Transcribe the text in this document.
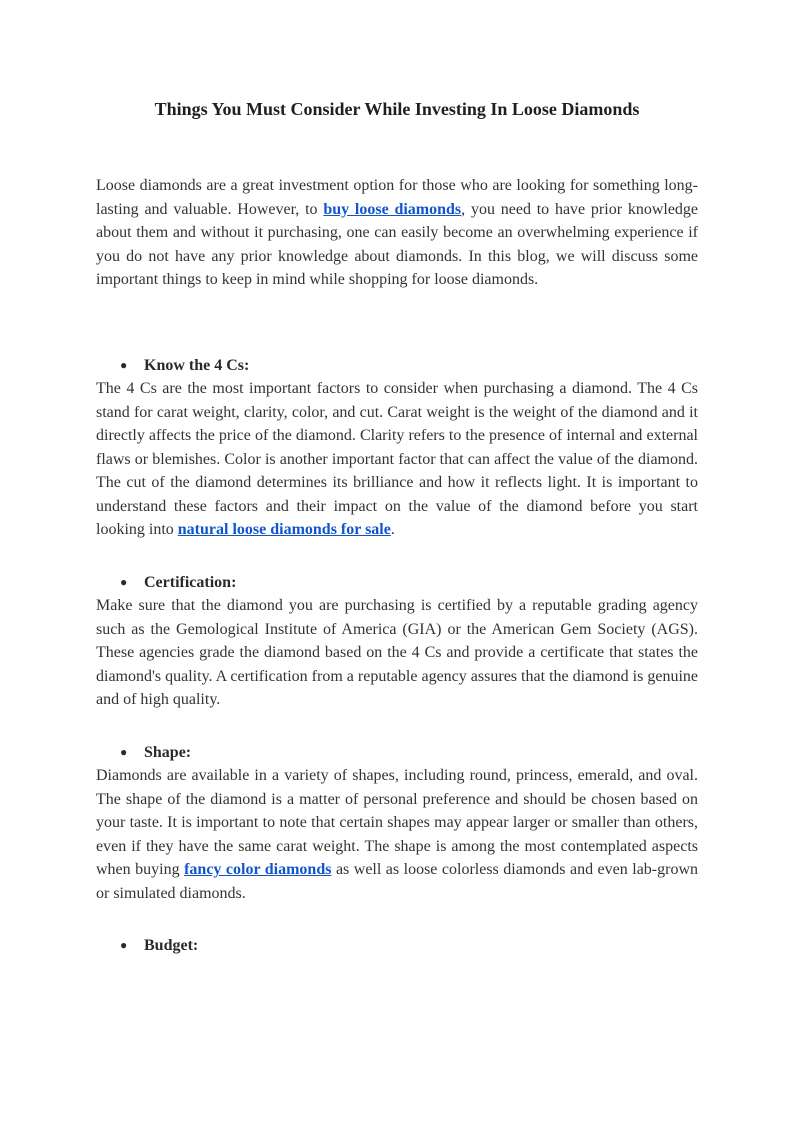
Things You Must Consider While Investing In Loose Diamonds

Loose diamonds are a great investment option for those who are looking for something long-lasting and valuable. However, to buy loose diamonds, you need to have prior knowledge about them and without it purchasing, one can easily become an overwhelming experience if you do not have any prior knowledge about diamonds. In this blog, we will discuss some important things to keep in mind while shopping for loose diamonds.

● Know the 4 Cs:

The 4 Cs are the most important factors to consider when purchasing a diamond. The 4 Cs stand for carat weight, clarity, color, and cut. Carat weight is the weight of the diamond and it directly affects the price of the diamond. Clarity refers to the presence of internal and external flaws or blemishes. Color is another important factor that can affect the value of the diamond. The cut of the diamond determines its brilliance and how it reflects light. It is important to understand these factors and their impact on the value of the diamond before you start looking into natural loose diamonds for sale.

● Certification:

Make sure that the diamond you are purchasing is certified by a reputable grading agency such as the Gemological Institute of America (GIA) or the American Gem Society (AGS). These agencies grade the diamond based on the 4 Cs and provide a certificate that states the diamond's quality. A certification from a reputable agency assures that the diamond is genuine and of high quality.

● Shape:

Diamonds are available in a variety of shapes, including round, princess, emerald, and oval. The shape of the diamond is a matter of personal preference and should be chosen based on your taste. It is important to note that certain shapes may appear larger or smaller than others, even if they have the same carat weight. The shape is among the most contemplated aspects when buying fancy color diamonds as well as loose colorless diamonds and even lab-grown or simulated diamonds.

● Budget:
